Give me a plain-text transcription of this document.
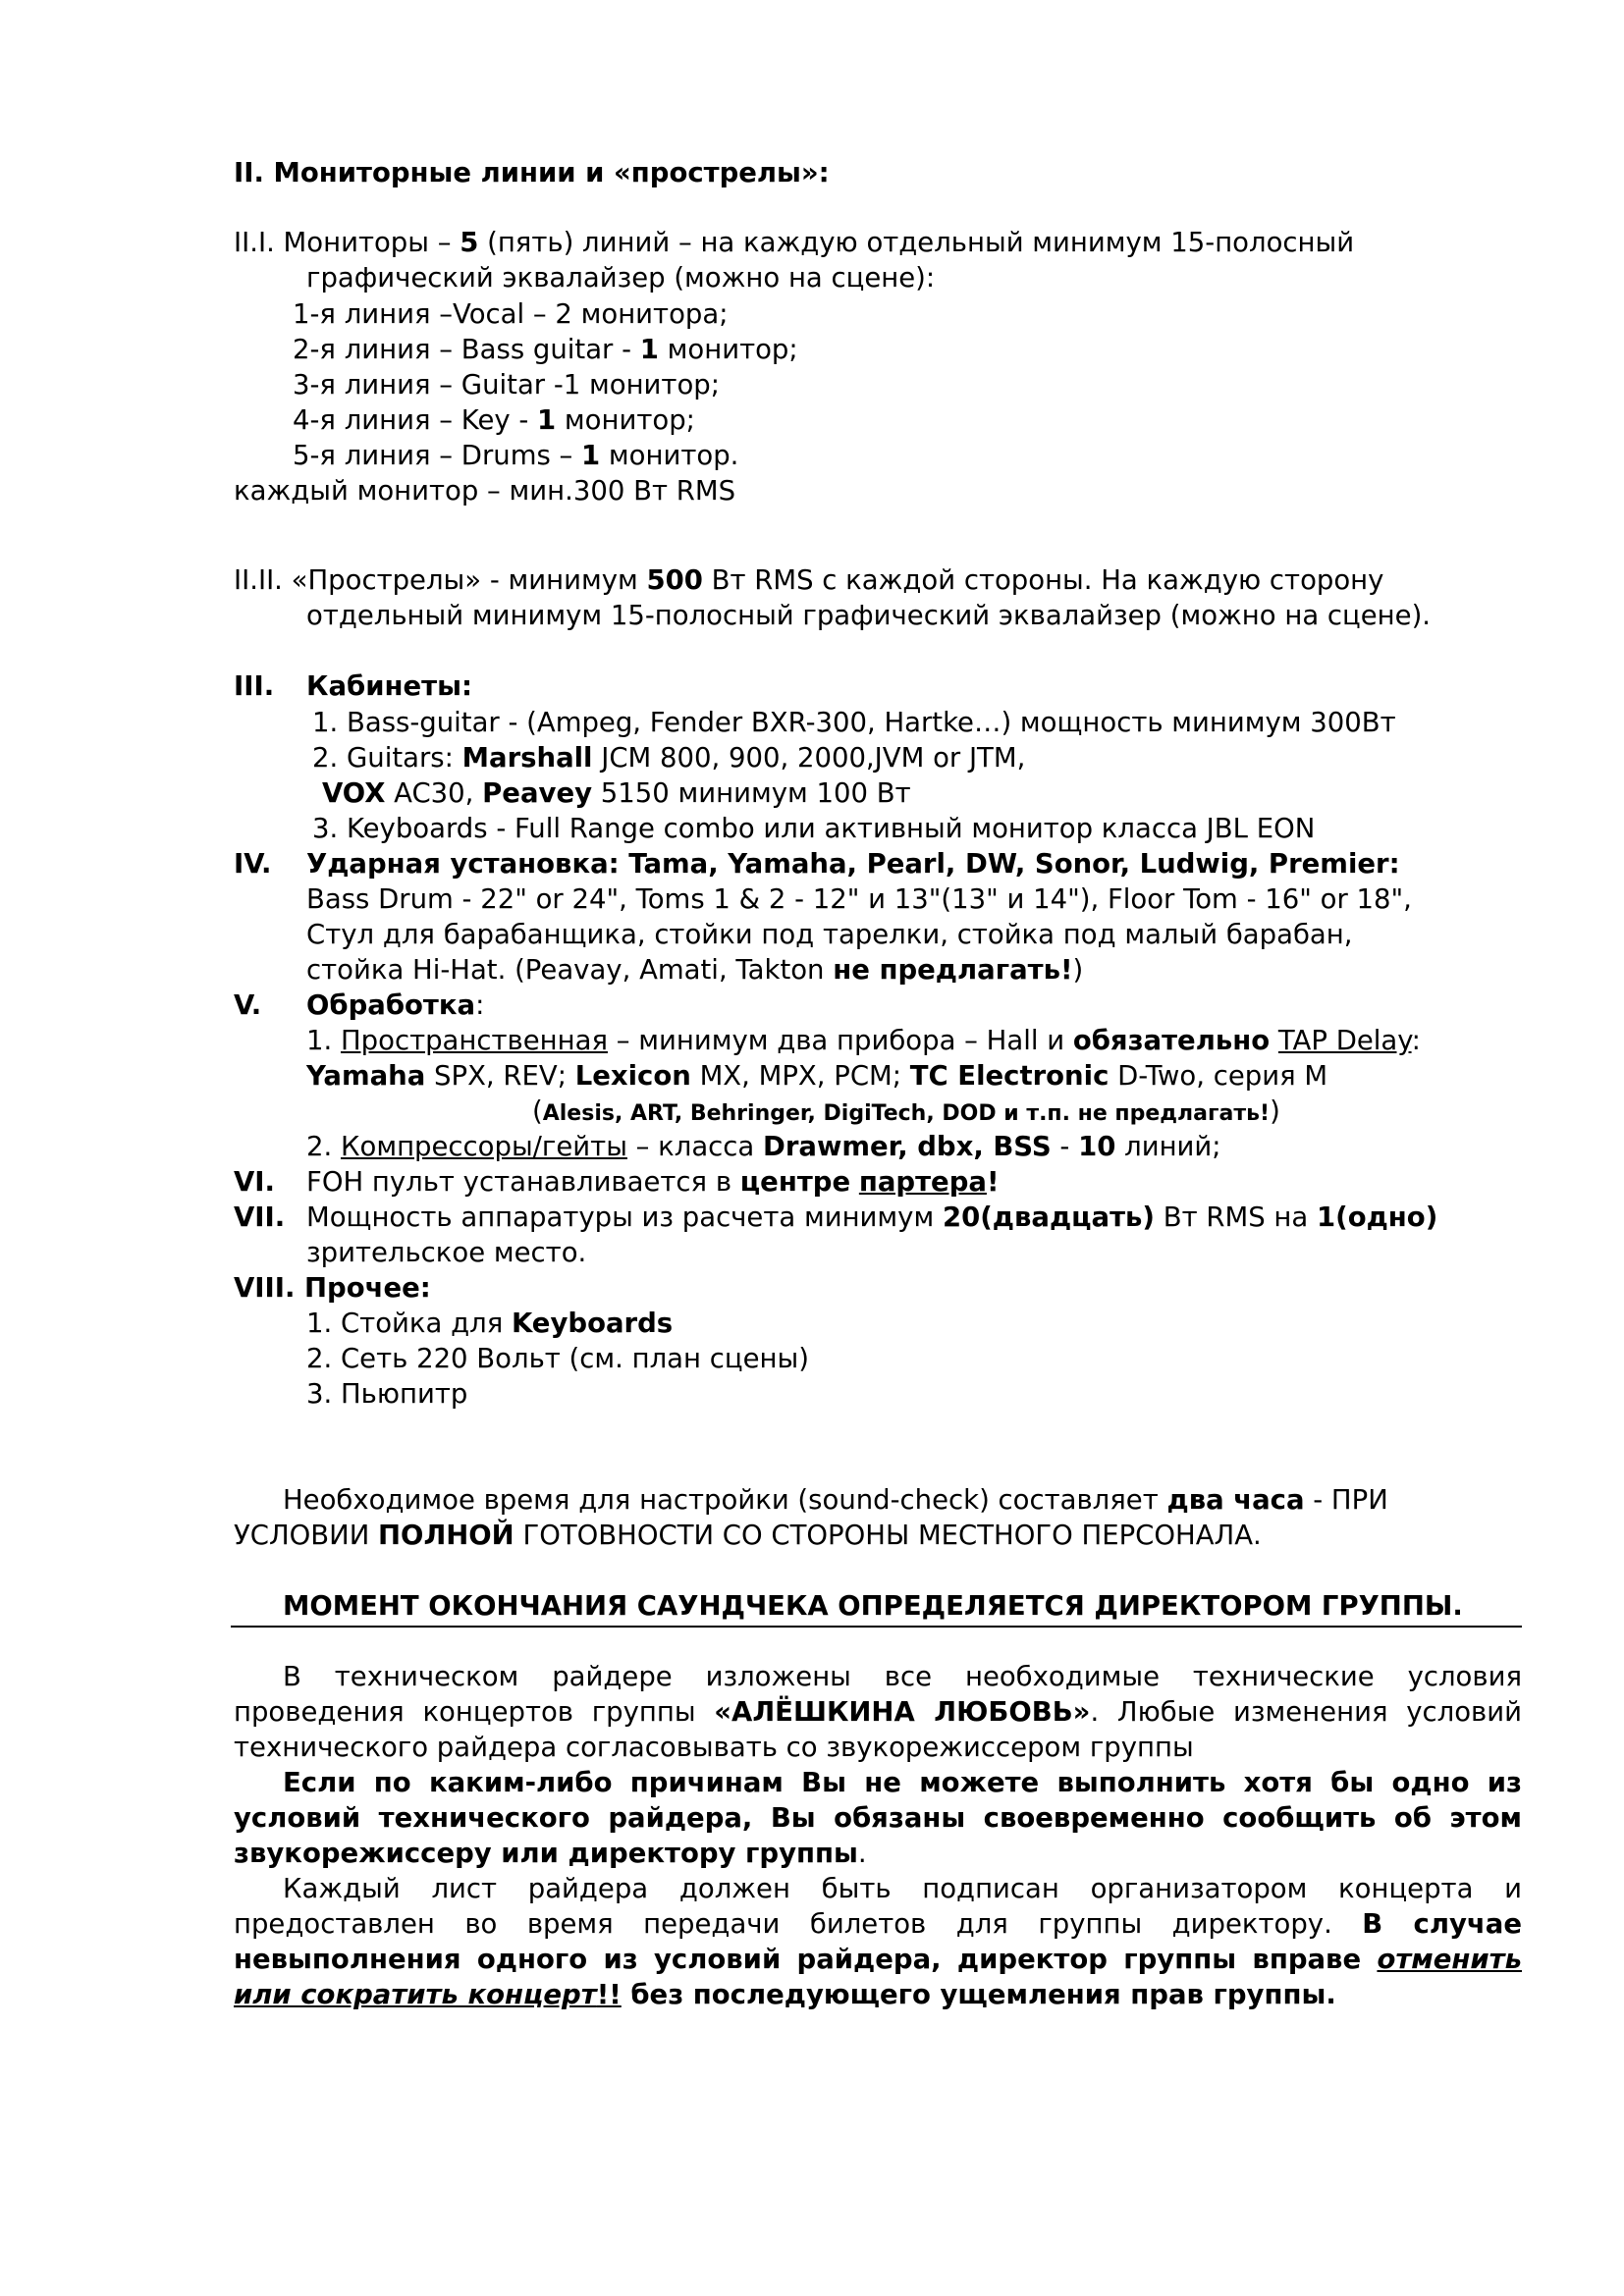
II. Мониторные линии и «прострелы»:
II.I. Мониторы – 5 (пять) линий – на каждую отдельный минимум 15-полосный
графический эквалайзер (можно на сцене):
1-я линия –Vocal – 2 монитора;
2-я линия – Bass guitar - 1 монитор;
3-я линия – Guitar -1 монитор;
4-я линия – Key - 1 монитор;
5-я линия – Drums – 1 монитор.
каждый монитор – мин.300 Вт RMS
II.II. «Прострелы» - минимум 500 Вт RMS с каждой стороны. На каждую сторону
отдельный минимум 15-полосный графический эквалайзер (можно на сцене).
III. Кабинеты:
1. Bass-guitar - (Ampeg, Fender BXR-300, Hartke…) мощность минимум 300Вт
2. Guitars: Marshall JCM 800, 900, 2000,JVM or JTM,
VOX AC30, Peavey 5150 минимум 100 Вт
3. Keyboards - Full Range combo или активный монитор класса JBL EON
IV. Ударная установка: Tama, Yamaha, Pearl, DW, Sonor, Ludwig, Premier:
Bass Drum - 22" or 24", Toms 1 & 2 - 12" и 13"(13" и 14"), Floor Tom - 16" or 18",
Стул для барабанщика, стойки под тарелки, стойка под малый барабан,
стойка Hi-Hat. (Peavay, Amati, Takton не предлагать!)
V. Обработка:
1. Пространственная – минимум два прибора – Hall и обязательно TAP Delay:
Yamaha SPX, REV; Lexicon MX, MPX, PCM; TC Electronic D-Two, серия M
(Alesis, ART, Behringer, DigiTech, DOD и т.п. не предлагать!)
2. Компрессоры/гейты – класса Drawmer, dbx, BSS - 10 линий;
VI. FOH пульт устанавливается в центре партера!
VII. Мощность аппаратуры из расчета минимум 20(двадцать) Вт RMS на 1(одно)
зрительское место.
VIII. Прочее:
1. Стойка для Keyboards
2. Сеть 220 Вольт (см. план сцены)
3. Пьюпитр
Необходимое время для настройки (sound-check) составляет два часа - ПРИ
УСЛОВИИ ПОЛНОЙ ГОТОВНОСТИ СО СТОРОНЫ МЕСТНОГО ПЕРСОНАЛА.
МОМЕНТ ОКОНЧАНИЯ САУНДЧЕКА ОПРЕДЕЛЯЕТСЯ ДИРЕКТОРОМ ГРУППЫ.
В техническом райдере изложены все необходимые технические условия
проведения концертов группы «АЛЁШКИНА ЛЮБОВЬ». Любые изменения условий
технического райдера согласовывать со звукорежиссером группы
Если по каким-либо причинам Вы не можете выполнить хотя бы одно из
условий технического райдера, Вы обязаны своевременно сообщить об этом
звукорежиссеру или директору группы.
Каждый лист райдера должен быть подписан организатором концерта и
предоставлен во время передачи билетов для группы директору. В случае
невыполнения одного из условий райдера, директор группы вправе отменить
или сократить концерт!! без последующего ущемления прав группы.
